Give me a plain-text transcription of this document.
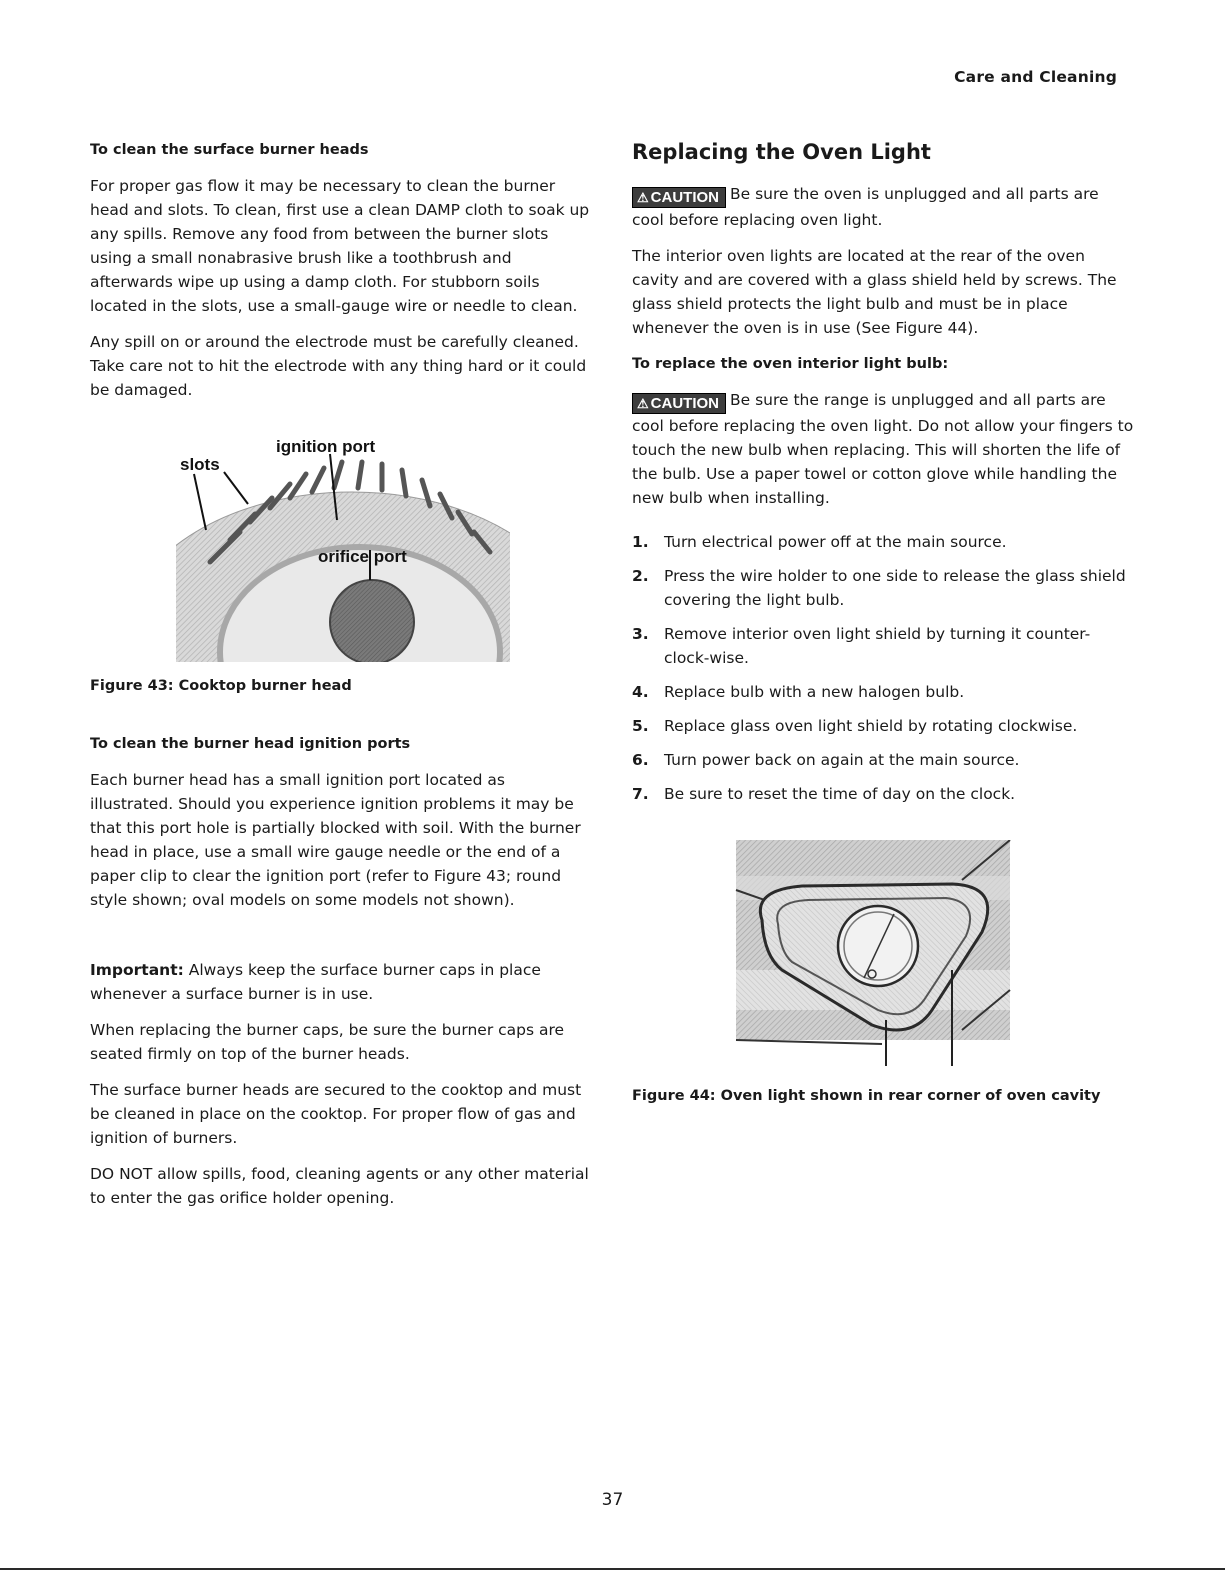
Care and Cleaning
To clean the surface burner heads

For proper gas flow it may be necessary to clean the burner head and slots. To clean, first use a clean DAMP cloth to soak up any spills. Remove any food from between the burner slots using a small nonabrasive brush like a toothbrush and afterwards wipe up using a damp cloth. For stubborn soils located in the slots, use a small-gauge wire or needle to clean.

Any spill on or around the electrode must be carefully cleaned. Take care not to hit the electrode with any thing hard or it could be damaged.

slots
ignition port
orifice port
Figure 43: Cooktop burner head
To clean the burner head ignition ports

Each burner head has a small ignition port located as illustrated. Should you experience ignition problems it may be that this port hole is partially blocked with soil. With the burner head in place, use a small wire gauge needle or the end of a paper clip to clear the ignition port (refer to Figure 43; round style shown; oval models on some models not shown).

Important: Always keep the surface burner caps in place whenever a surface burner is in use.

When replacing the burner caps, be sure the burner caps are seated firmly on top of the burner heads.

The surface burner heads are secured to the cooktop and must be cleaned in place on the cooktop. For proper flow of gas and ignition of burners.

DO NOT allow spills, food, cleaning agents or any other material to enter the gas orifice holder opening.

Replacing the Oven Light

⚠ CAUTION Be sure the oven is unplugged and all parts are cool before replacing oven light.

The interior oven lights are located at the rear of the oven cavity and are covered with a glass shield held by screws. The glass shield protects the light bulb and must be in place whenever the oven is in use (See Figure 44).

To replace the oven interior light bulb:

⚠ CAUTION Be sure the range is unplugged and all parts are cool before replacing the oven light. Do not allow your fingers to touch the new bulb when replacing. This will shorten the life of the bulb. Use a paper towel or cotton glove while handling the new bulb when installing.

1. Turn electrical power off at the main source.
2. Press the wire holder to one side to release the glass shield covering the light bulb.
3. Remove interior oven light shield by turning it counter-clock-wise.
4. Replace bulb with a new halogen bulb.
5. Replace glass oven light shield by rotating clockwise.
6. Turn power back on again at the main source.
7. Be sure to reset the time of day on the clock.
Figure 44: Oven light shown in rear corner of oven cavity
37
